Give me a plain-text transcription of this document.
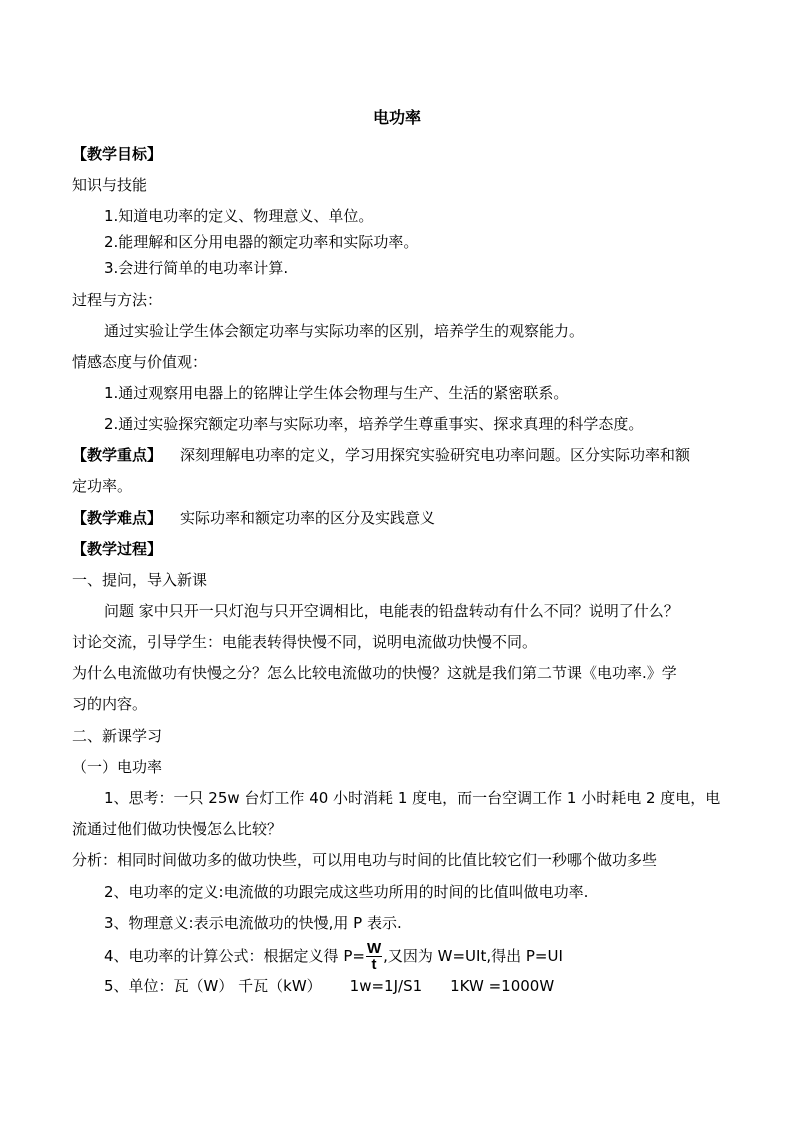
电功率
【教学目标】
知识与技能
1.知道电功率的定义、物理意义、单位。
2.能理解和区分用电器的额定功率和实际功率。
3.会进行简单的电功率计算.
过程与方法：
通过实验让学生体会额定功率与实际功率的区别，培养学生的观察能力。
情感态度与价值观：
1.通过观察用电器上的铭牌让学生体会物理与生产、生活的紧密联系。
2.通过实验探究额定功率与实际功率，培养学生尊重事实、探求真理的科学态度。
【教学重点】 深刻理解电功率的定义，学习用探究实验研究电功率问题。区分实际功率和额
定功率。
【教学难点】 实际功率和额定功率的区分及实践意义
【教学过程】
一、提问，导入新课
问题 家中只开一只灯泡与只开空调相比，电能表的铅盘转动有什么不同？说明了什么？
讨论交流，引导学生：电能表转得快慢不同，说明电流做功快慢不同。
为什么电流做功有快慢之分？怎么比较电流做功的快慢？这就是我们第二节课《电功率.》学
习的内容。
二、新课学习
（一）电功率
1、思考：一只 25w 台灯工作 40 小时消耗 1 度电，而一台空调工作 1 小时耗电 2 度电，电
流通过他们做功快慢怎么比较？
分析：相同时间做功多的做功快些，可以用电功与时间的比值比较它们一秒哪个做功多些
2、电功率的定义:电流做的功跟完成这些功所用的时间的比值叫做电功率.
3、物理意义:表示电流做功的快慢,用 P 表示.
4、电功率的计算公式：根据定义得 $P= \frac{W}{t}$ ,又因为 W=UIt,得出 P=UI
5、单位：瓦（W） 千瓦（kW） 1w=1J/S1 1KW =1000W
